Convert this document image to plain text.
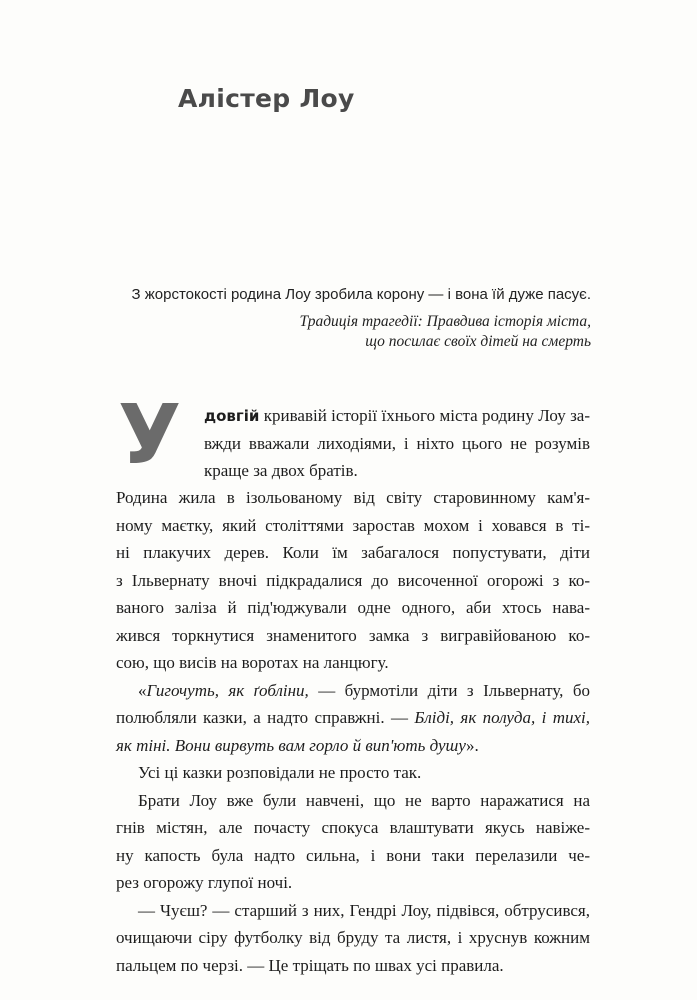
Алістер Лоу
З жорстокості родина Лоу зробила корону — і вона їй дуже пасує.
Традиція трагедії: Правдива історія міста,
що посилає своїх дітей на смерть
У довгій кривавій історії їхнього міста родину Лоу за-
вжди вважали лиходіями, і ніхто цього не розумів
краще за двох братів.
Родина жила в ізольованому від світу старовинному кам'я-
ному маєтку, який століттями заростав мохом і ховався в ті-
ні плакучих дерев. Коли їм забагалося попустувати, діти
з Ільвернату вночі підкрадалися до височенної огорожі з ко-
ваного заліза й під'юджували одне одного, аби хтось нава-
жився торкнутися знаменитого замка з вигравійованою ко-
сою, що висів на воротах на ланцюгу.
«Гигочуть, як ґобліни, — бурмотіли діти з Ільвернату, бо
полюбляли казки, а надто справжні. — Блідi, як полуда, і тихі,
як тіні. Вони вирвуть вам горло й вип'ють душу».
Усі ці казки розповідали не просто так.
Брати Лоу вже були навчені, що не варто наражатися на
гнів містян, але почасту спокуса влаштувати якусь навіже-
ну капость була надто сильна, і вони таки перелазили че-
рез огорожу глупої ночі.
— Чуєш? — старший з них, Гендрі Лоу, підвівся, обтрусився,
очищаючи сіру футболку від бруду та листя, і хруснув кожним
пальцем по черзі. — Це тріщать по швах усі правила.
